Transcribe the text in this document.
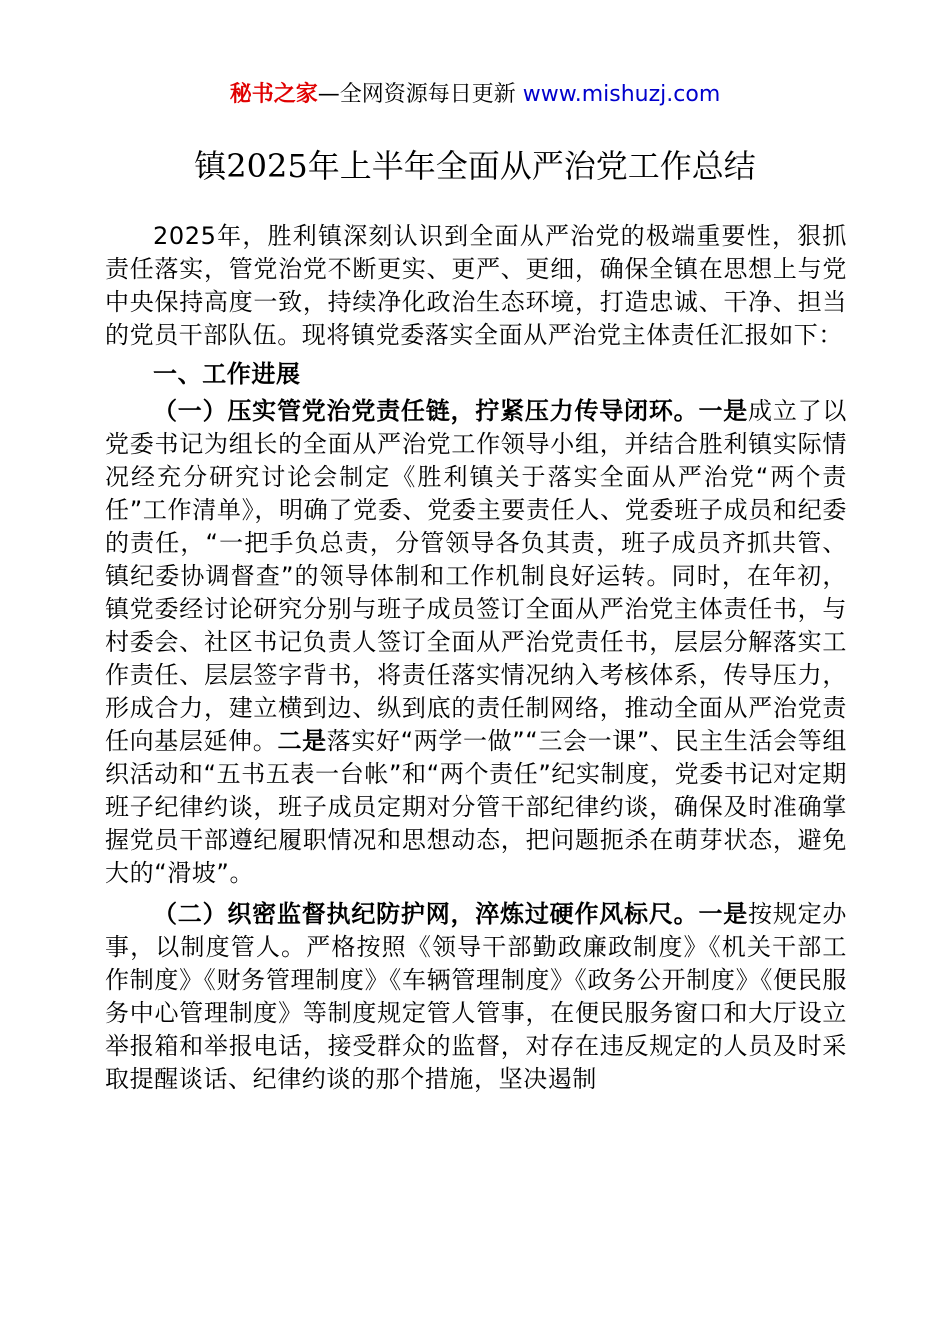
秘书之家—全网资源每日更新 www.mishuzj.com
镇2025年上半年全面从严治党工作总结

2025年，胜利镇深刻认识到全面从严治党的极端重要性，狠抓责任落实，管党治党不断更实、更严、更细，确保全镇在思想上与党中央保持高度一致，持续净化政治生态环境，打造忠诚、干净、担当的党员干部队伍。现将镇党委落实全面从严治党主体责任汇报如下：

一、工作进展

（一）压实管党治党责任链，拧紧压力传导闭环。一是成立了以党委书记为组长的全面从严治党工作领导小组，并结合胜利镇实际情况经充分研究讨论会制定《胜利镇关于落实全面从严治党“两个责任”工作清单》，明确了党委、党委主要责任人、党委班子成员和纪委的责任，“一把手负总责，分管领导各负其责，班子成员齐抓共管、镇纪委协调督查”的领导体制和工作机制良好运转。同时，在年初，镇党委经讨论研究分别与班子成员签订全面从严治党主体责任书，与村委会、社区书记负责人签订全面从严治党责任书，层层分解落实工作责任、层层签字背书，将责任落实情况纳入考核体系，传导压力，形成合力，建立横到边、纵到底的责任制网络，推动全面从严治党责任向基层延伸。二是落实好“两学一做”“三会一课”、民主生活会等组织活动和“五书五表一台帐”和“两个责任”纪实制度，党委书记对定期班子纪律约谈，班子成员定期对分管干部纪律约谈，确保及时准确掌握党员干部遵纪履职情况和思想动态，把问题扼杀在萌芽状态，避免大的“滑坡”。

（二）织密监督执纪防护网，淬炼过硬作风标尺。一是按规定办事，以制度管人。严格按照《领导干部勤政廉政制度》《机关干部工作制度》《财务管理制度》《车辆管理制度》《政务公开制度》《便民服务中心管理制度》等制度规定管人管事，在便民服务窗口和大厅设立举报箱和举报电话，接受群众的监督，对存在违反规定的人员及时采取提醒谈话、纪律约谈的那个措施，坚决遏制
